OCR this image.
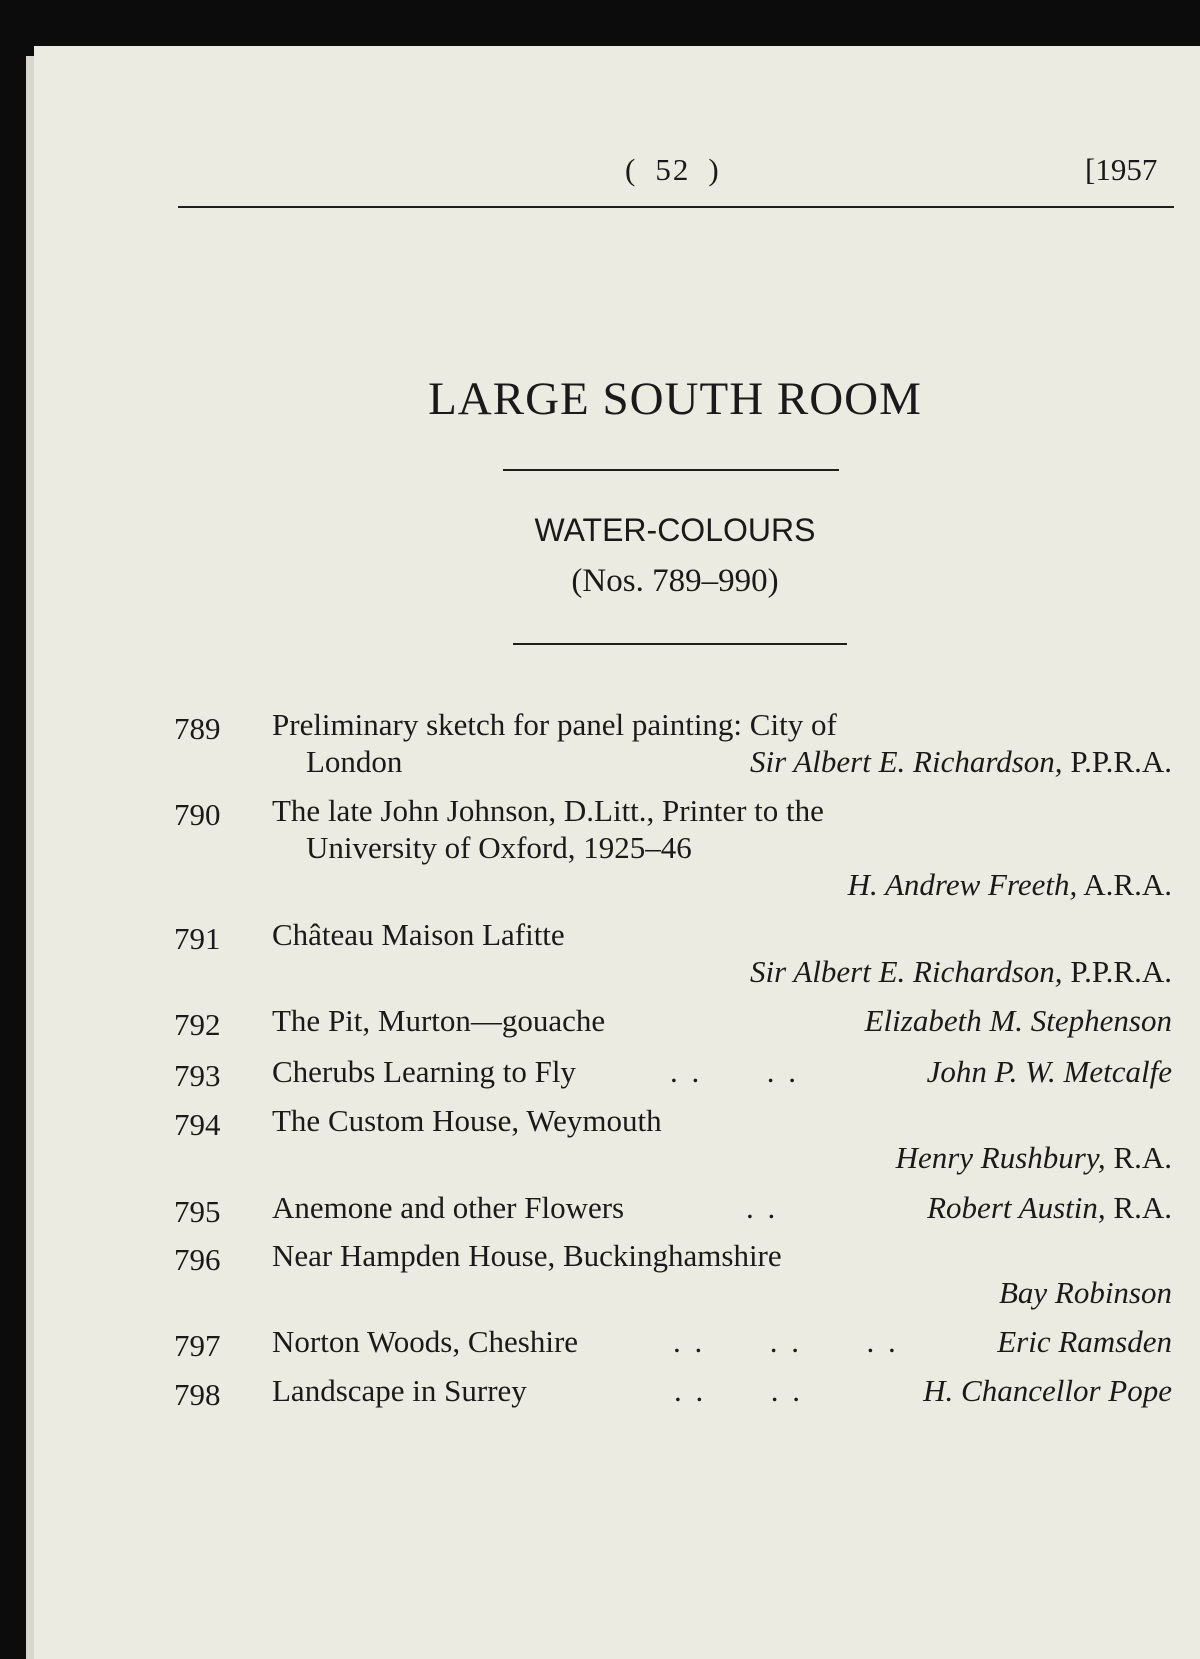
( 52 )	[1957
LARGE SOUTH ROOM
WATER-COLOURS
(Nos. 789–990)
789 Preliminary sketch for panel painting: City of
London	Sir Albert E. Richardson, P.P.R.A.
790 The late John Johnson, D.Litt., Printer to the
University of Oxford, 1925–46
H. Andrew Freeth, A.R.A.
791 Château Maison Lafitte
Sir Albert E. Richardson, P.P.R.A.
792 The Pit, Murton—gouache	Elizabeth M. Stephenson
793 Cherubs Learning to Fly	. .      . .	John P. W. Metcalfe
794 The Custom House, Weymouth
Henry Rushbury, R.A.
795 Anemone and other Flowers	. .	Robert Austin, R.A.
796 Near Hampden House, Buckinghamshire
Bay Robinson
797 Norton Woods, Cheshire	. .      . .      . .	Eric Ramsden
798 Landscape in Surrey	. .      . .	H. Chancellor Pope
